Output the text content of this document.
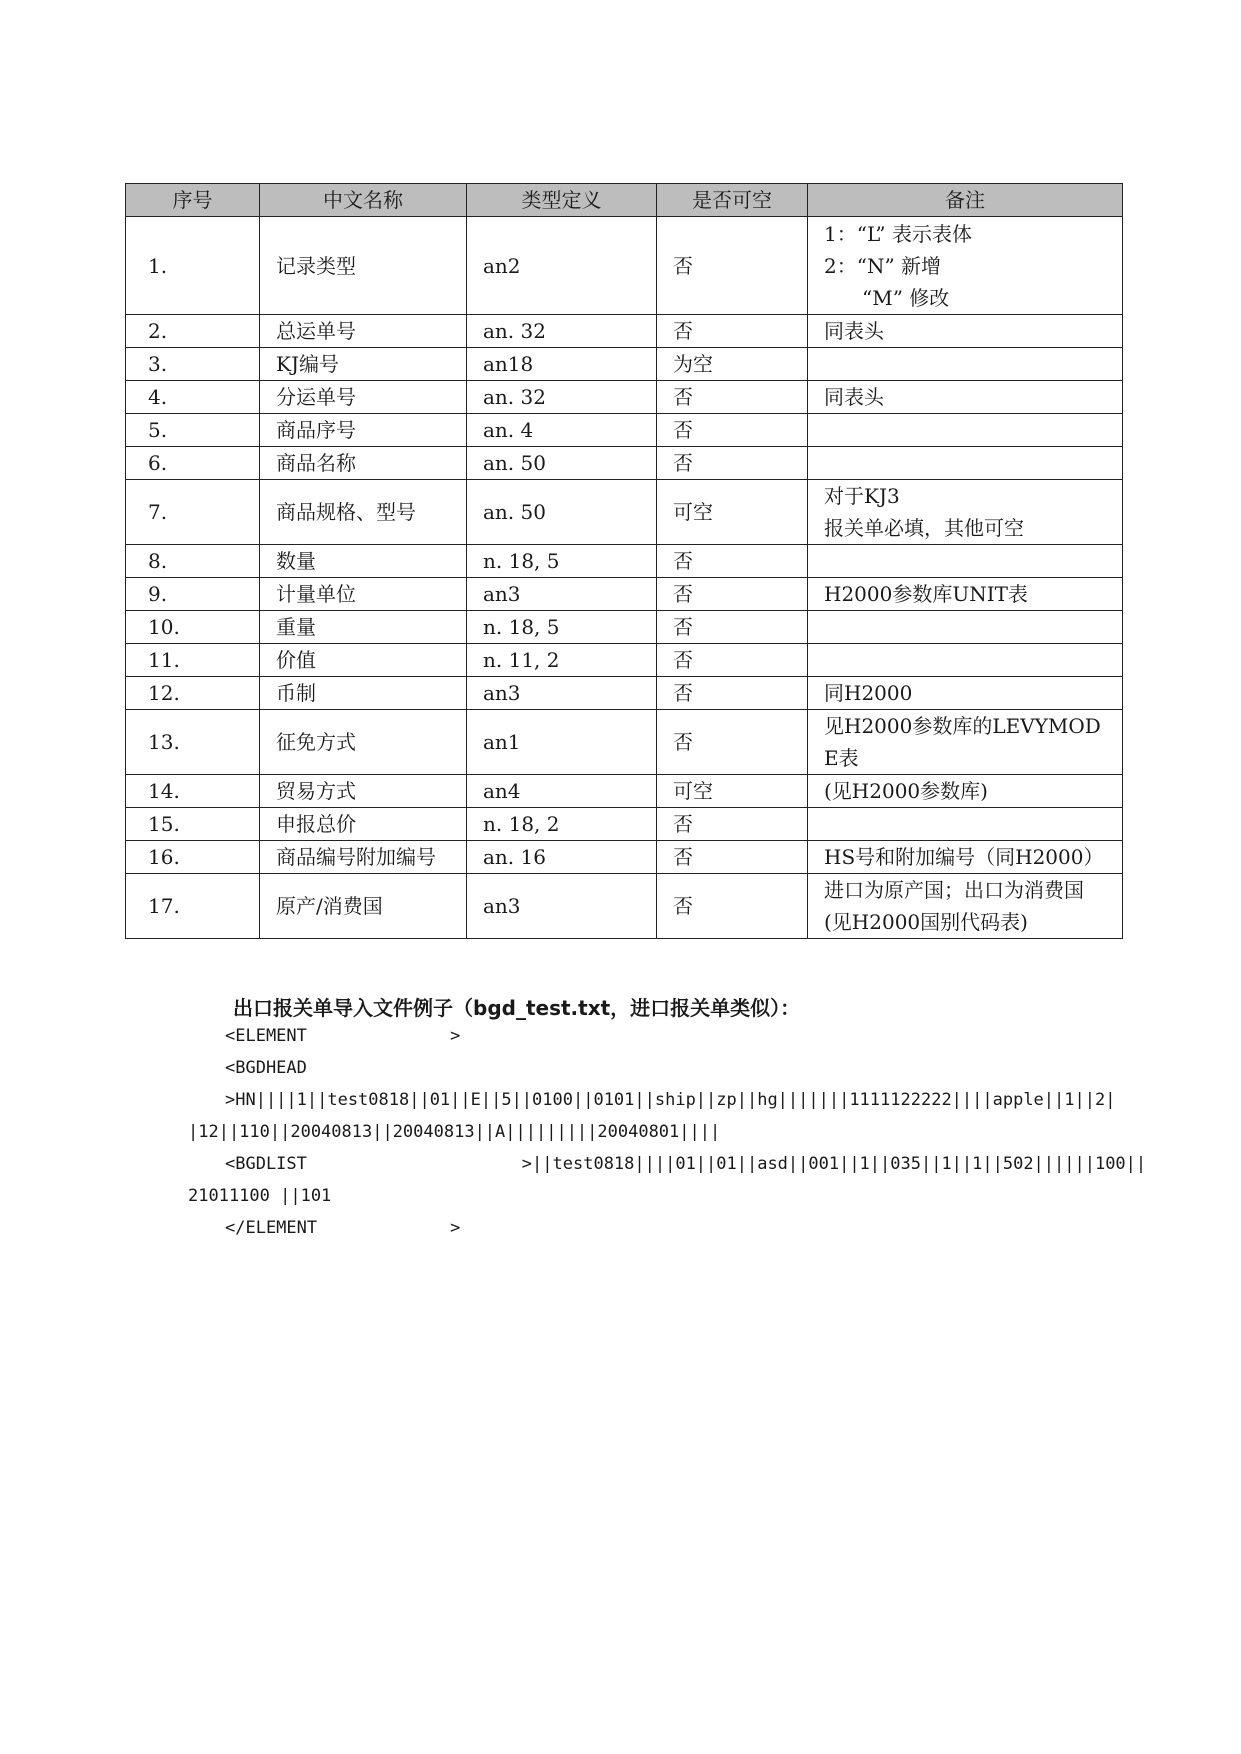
序号	中文名称	类型定义	是否可空	备注
1.	记录类型	an2	否	1：“L” 表示表体
2：“N” 新增
“M” 修改

2.	总运单号	an. 32	否	同表头

3.	KJ编号	an18	为空	
4.	分运单号	an. 32	否	同表头

5.	商品序号	an. 4	否	
6.	商品名称	an. 50	否	
7.	商品规格、型号	an. 50	可空	对于KJ3
报关单必填，其他可空

8.	数量	n. 18, 5	否	
9.	计量单位	an3	否	H2000参数库UNIT表

10.	重量	n. 18, 5	否	
11.	价值	n. 11, 2	否	
12.	币制	an3	否	同H2000

13.	征免方式	an1	否	见H2000参数库的LEVYMOD
E表

14.	贸易方式	an4	可空	(见H2000参数库)

15.	申报总价	n. 18, 2	否	
16.	商品编号附加编号	an. 16	否	HS号和附加编号（同H2000）

17.	原产/消费国	an3	否	进口为原产国；出口为消费国
(见H2000国别代码表)
出口报关单导入文件例子（bgd_test.txt，进口报关单类似）：
<ELEMENT              >
<BGDHEAD
>HN||||1||test0818||01||E||5||0100||0101||ship||zp||hg|||||||1111122222||||apple||1||2|
|12||110||20040813||20040813||A|||||||||20040801||||
<BGDLIST                     >||test0818||||01||01||asd||001||1||035||1||1||502||||||100||
21011100 ||101
</ELEMENT             >
